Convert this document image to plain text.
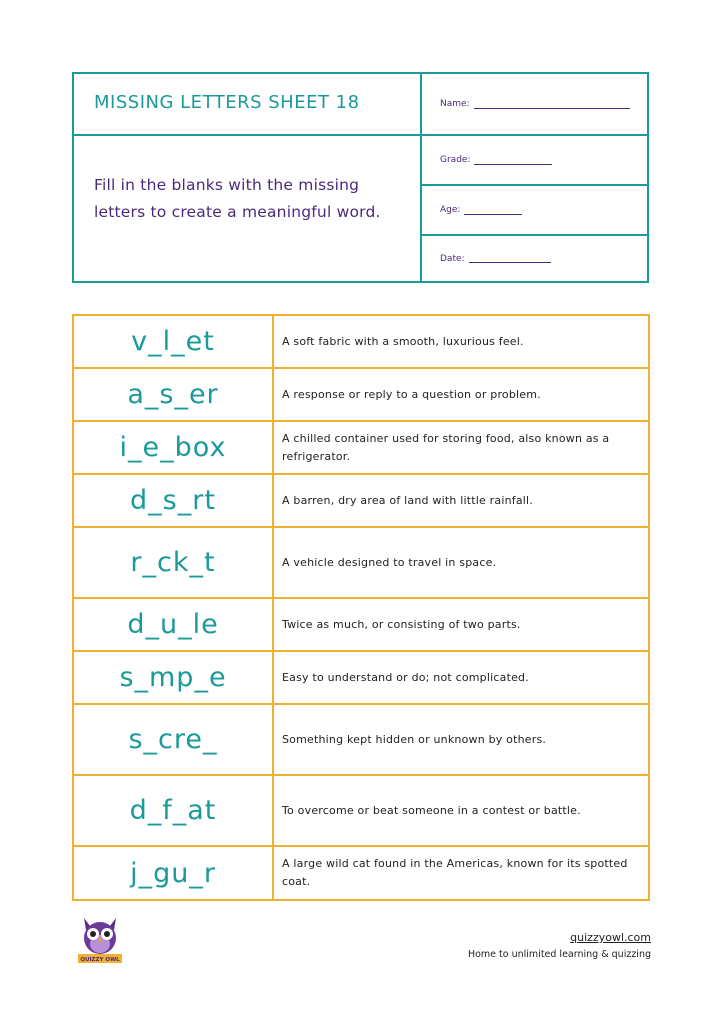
MISSING LETTERS SHEET 18
Fill in the blanks with the missing letters to create a meaningful word.
Name:
Grade:
Age:
Date:
v_l_et	A soft fabric with a smooth, luxurious feel.
a_s_er	A response or reply to a question or problem.
i_e_box	A chilled container used for storing food, also known as a refrigerator.
d_s_rt	A barren, dry area of land with little rainfall.
r_ck_t	A vehicle designed to travel in space.
d_u_le	Twice as much, or consisting of two parts.
s_mp_e	Easy to understand or do; not complicated.
s_cre_	Something kept hidden or unknown by others.
d_f_at	To overcome or beat someone in a contest or battle.
j_gu_r	A large wild cat found in the Americas, known for its spotted coat.
QUIZZY OWL
quizzyowl.com
Home to unlimited learning & quizzing
